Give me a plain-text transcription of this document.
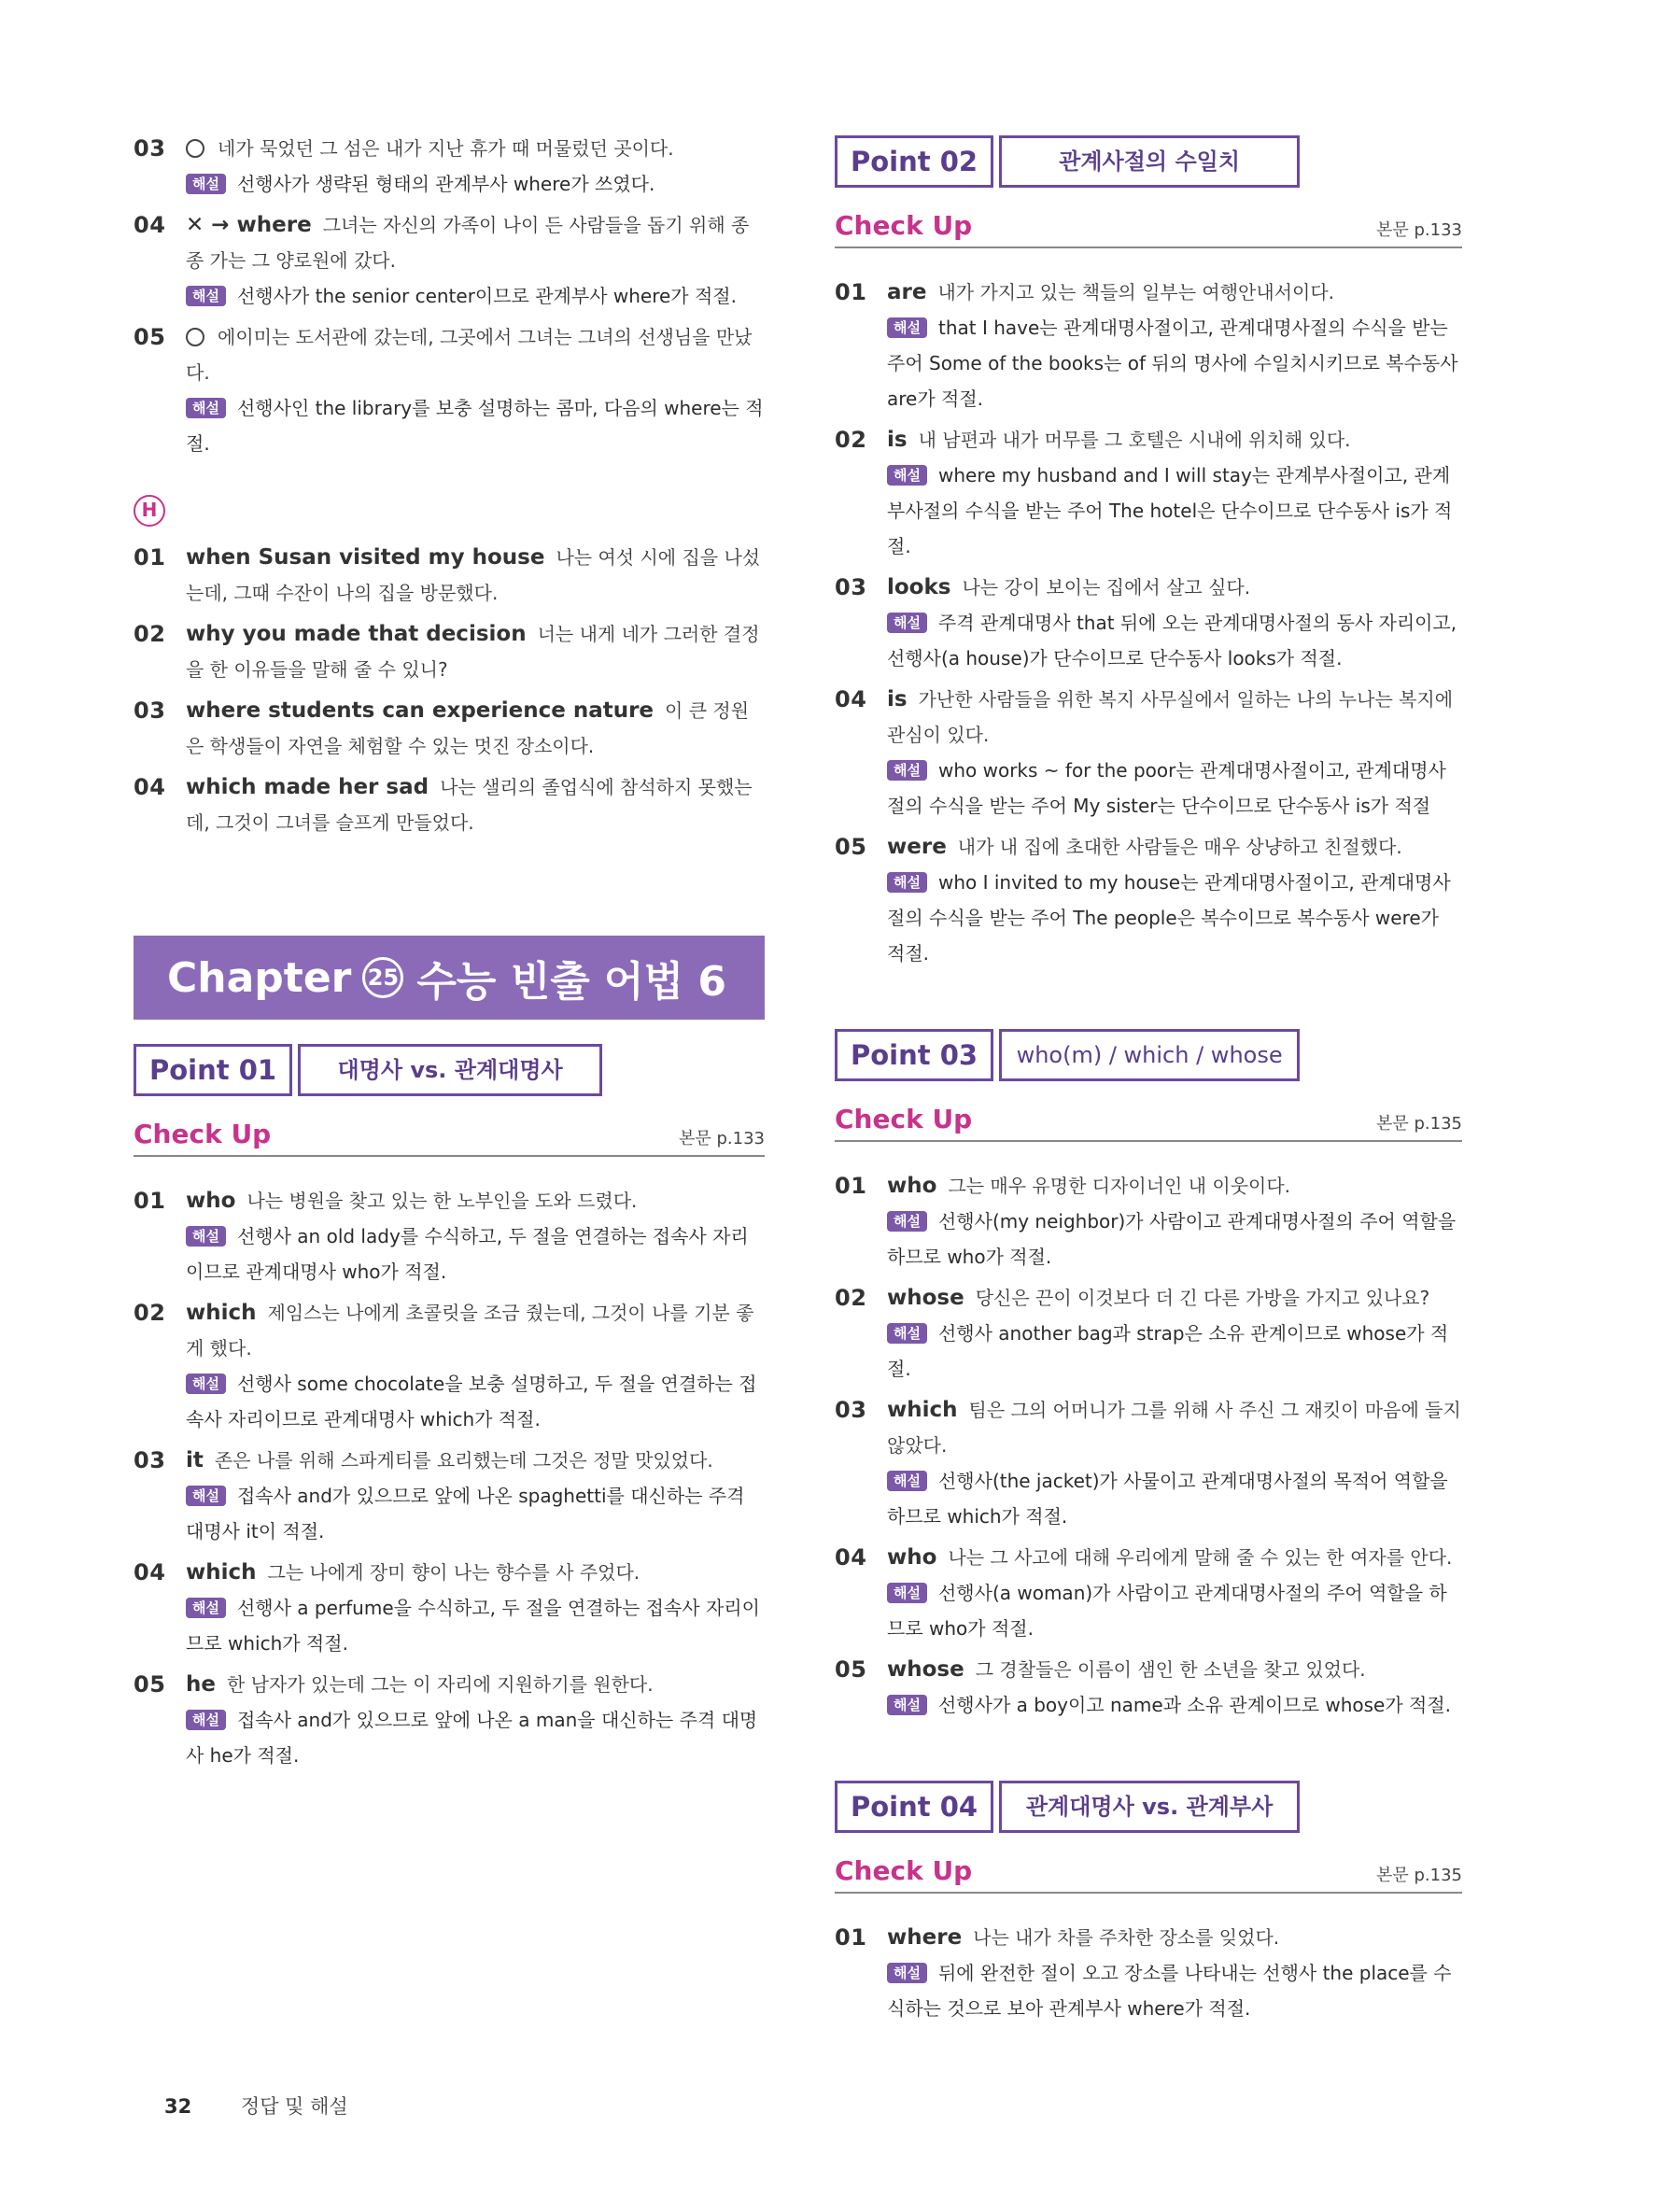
03	네가 묵었던 그 섬은 내가 지난 휴가 때 머물렀던 곳이다.
해설 선행사가 생략된 형태의 관계부사 where가 쓰였다.
04 ✕ → where 그녀는 자신의 가족이 나이 든 사람들을 돕기 위해 종종 가는 그 양로원에 갔다.
해설 선행사가 the senior center이므로 관계부사 where가 적절.
05	에이미는 도서관에 갔는데, 그곳에서 그녀는 그녀의 선생님을 만났다.
해설 선행사인 the library를 보충 설명하는 콤마, 다음의 where는 적절.
H
01 when Susan visited my house 나는 여섯 시에 집을 나섰는데, 그때 수잔이 나의 집을 방문했다.
02 why you made that decision 너는 내게 네가 그러한 결정을 한 이유들을 말해 줄 수 있니?
03 where students can experience nature 이 큰 정원은 학생들이 자연을 체험할 수 있는 멋진 장소이다.
04 which made her sad 나는 샐리의 졸업식에 참석하지 못했는데, 그것이 그녀를 슬프게 만들었다.
Chapter 25 수능 빈출 어법 6
Point 01	대명사 vs. 관계대명사
Check Up	본문 p.133
01 who 나는 병원을 찾고 있는 한 노부인을 도와 드렸다.
해설 선행사 an old lady를 수식하고, 두 절을 연결하는 접속사 자리이므로 관계대명사 who가 적절.
02 which 제임스는 나에게 초콜릿을 조금 줬는데, 그것이 나를 기분 좋게 했다.
해설 선행사 some chocolate을 보충 설명하고, 두 절을 연결하는 접속사 자리이므로 관계대명사 which가 적절.
03 it 존은 나를 위해 스파게티를 요리했는데 그것은 정말 맛있었다.
해설 접속사 and가 있으므로 앞에 나온 spaghetti를 대신하는 주격 대명사 it이 적절.
04 which 그는 나에게 장미 향이 나는 향수를 사 주었다.
해설 선행사 a perfume을 수식하고, 두 절을 연결하는 접속사 자리이므로 which가 적절.
05 he 한 남자가 있는데 그는 이 자리에 지원하기를 원한다.
해설 접속사 and가 있으므로 앞에 나온 a man을 대신하는 주격 대명사 he가 적절.
Point 02	관계사절의 수일치
Check Up	본문 p.133
01 are 내가 가지고 있는 책들의 일부는 여행안내서이다.
해설 that I have는 관계대명사절이고, 관계대명사절의 수식을 받는 주어 Some of the books는 of 뒤의 명사에 수일치시키므로 복수동사 are가 적절.
02 is 내 남편과 내가 머무를 그 호텔은 시내에 위치해 있다.
해설 where my husband and I will stay는 관계부사절이고, 관계부사절의 수식을 받는 주어 The hotel은 단수이므로 단수동사 is가 적절.
03 looks 나는 강이 보이는 집에서 살고 싶다.
해설 주격 관계대명사 that 뒤에 오는 관계대명사절의 동사 자리이고, 선행사(a house)가 단수이므로 단수동사 looks가 적절.
04 is 가난한 사람들을 위한 복지 사무실에서 일하는 나의 누나는 복지에 관심이 있다.
해설 who works ~ for the poor는 관계대명사절이고, 관계대명사절의 수식을 받는 주어 My sister는 단수이므로 단수동사 is가 적절
05 were 내가 내 집에 초대한 사람들은 매우 상냥하고 친절했다.
해설 who I invited to my house는 관계대명사절이고, 관계대명사절의 수식을 받는 주어 The people은 복수이므로 복수동사 were가 적절.
Point 03	who(m) / which / whose
Check Up	본문 p.135
01 who 그는 매우 유명한 디자이너인 내 이웃이다.
해설 선행사(my neighbor)가 사람이고 관계대명사절의 주어 역할을 하므로 who가 적절.
02 whose 당신은 끈이 이것보다 더 긴 다른 가방을 가지고 있나요?
해설 선행사 another bag과 strap은 소유 관계이므로 whose가 적절.
03 which 팀은 그의 어머니가 그를 위해 사 주신 그 재킷이 마음에 들지 않았다.
해설 선행사(the jacket)가 사물이고 관계대명사절의 목적어 역할을 하므로 which가 적절.
04 who 나는 그 사고에 대해 우리에게 말해 줄 수 있는 한 여자를 안다.
해설 선행사(a woman)가 사람이고 관계대명사절의 주어 역할을 하므로 who가 적절.
05 whose 그 경찰들은 이름이 샘인 한 소년을 찾고 있었다.
해설 선행사가 a boy이고 name과 소유 관계이므로 whose가 적절.
Point 04	관계대명사 vs. 관계부사
Check Up	본문 p.135
01 where 나는 내가 차를 주차한 장소를 잊었다.
해설 뒤에 완전한 절이 오고 장소를 나타내는 선행사 the place를 수식하는 것으로 보아 관계부사 where가 적절.
32	정답 및 해설
